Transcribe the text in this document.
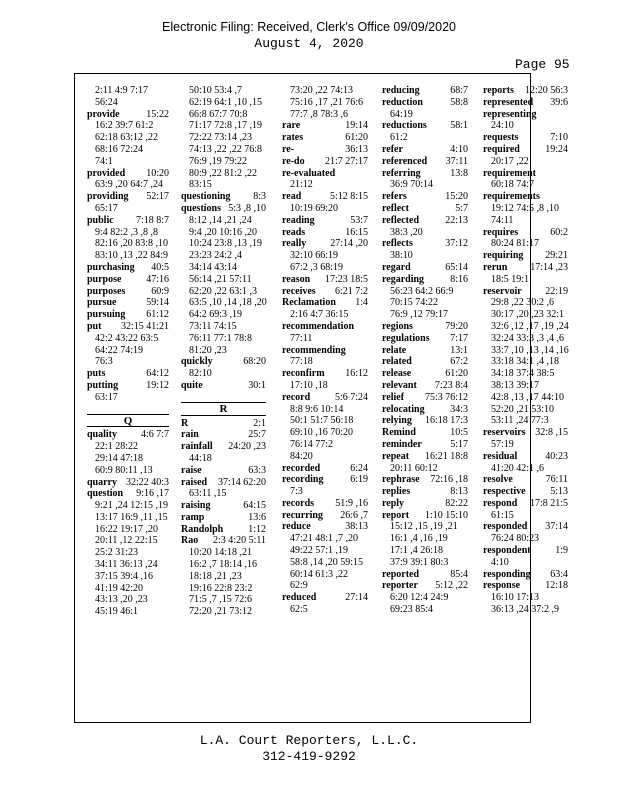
Electronic Filing: Received, Clerk's Office 09/09/2020
August 4, 2020
Page 95
2:11 4:9 7:17
56:24
provide	15:22
16:2 39:7 61:2
62:18 63:12 ,22
68:16 72:24
74:1
provided 10:20
63:9 ,20 64:7 ,24
providing 52:17
65:17
public 7:18 8:7
9:4 82:2 ,3 ,8 ,8
82:16 ,20 83:8 ,10
83:10 ,13 ,22 84:9
purchasing 40:5
purpose 47:16
purposes	60:9
pursue	59:14
pursuing 61:12
put 32:15 41:21
42:2 43:22 63:5
64:22 74:19
76:3
puts	64:12
putting	19:12
63:17
Q
quality 4:6 7:7
22:1 28:22
29:14 47:18
60:9 80:11 ,13
quarry 32:22 40:3
question 9:16 ,17
9:21 ,24 12:15 ,19
13:17 16:9 ,11 ,15
16:22 19:17 ,20
20:11 ,12 22:15
25:2 31:23
34:11 36:13 ,24
37:15 39:4 ,16
41:19 42:20
43:13 ,20 ,23
45:19 46:1
50:10 53:4 ,7
62:19 64:1 ,10 ,15
66:8 67:7 70:8
71:17 72:8 ,17 ,19
72:22 73:14 ,23
74:13 ,22 ,22 76:8
76:9 ,19 79:22
80:9 ,22 81:2 ,22
83:15
questioning 8:3
questions 5:3 ,8 ,10
8:12 ,14 ,21 ,24
9:4 ,20 10:16 ,20
10:24 23:8 ,13 ,19
23:23 24:2 ,4
34:14 43:14
56:14 ,21 57:11
62:20 ,22 63:1 ,3
63:5 ,10 ,14 ,18 ,20
64:2 69:3 ,19
73:11 74:15
76:11 77:1 78:8
81:20 ,23
quickly	68:20
82:10
quite	30:1
R
R	2:1
rain	25:7
rainfall 24:20 ,23
44:18
raise	63:3
raised 37:14 62:20
63:11 ,15
raising	64:15
ramp	13:6
Randolph 1:12
Rao 2:3 4:20 5:11
10:20 14:18 ,21
16:2 ,7 18:14 ,16
18:18 ,21 ,23
19:16 22:8 23:2
71:5 ,7 ,15 72:6
72:20 ,21 73:12
73:20 ,22 74:13
75:16 ,17 ,21 76:6
77:7 ,8 78:3 ,6
rare	19:14
rates	61:20
re-	36:13
re-do 21:7 27:17
re-evaluated
21:12
read	5:12 8:15
10:19 69:20
reading	53:7
reads	16:15
really 27:14 ,20
32:10 66:19
67:2 ,3 68:19
reason 17:23 18:5
receives 6:21 7:2
Reclamation 1:4
2:16 4:7 36:15
recommendation
77:11
recommending
77:18
reconfirm 16:12
17:10 ,18
record 5:6 7:24
8:8 9:6 10:14
50:1 51:7 56:18
69:10 ,16 70:20
76:14 77:2
84:20
recorded	6:24
recording	6:19
7:3
records 51:9 ,16
recurring 26:6 ,7
reduce	38:13
47:21 48:1 ,7 ,20
49:22 57:1 ,19
58:8 ,14 ,20 59:15
60:14 61:3 ,22
62:9
reduced	27:14
62:5
reducing	68:7
reduction	58:8
64:19
reductions 58:1
61:2
refer	4:10
referenced 37:11
referring	13:8
36:9 70:14
refers	15:20
reflect	5:7
reflected	22:13
38:3 ,20
reflects	37:12
38:10
regard	65:14
regarding	8:16
56:23 64:2 66:9
70:15 74:22
76:9 ,12 79:17
regions	79:20
regulations 7:17
relate	13:1
related	67:2
release	61:20
relevant 7:23 8:4
relief 75:3 76:12
relocating	34:3
relying 16:18 17:3
Remind	10:5
reminder	5:17
repeat 16:21 18:8
20:11 60:12
rephrase 72:16 ,18
replies	8:13
reply	82:22
report 1:10 15:10
15:12 ,15 ,19 ,21
16:1 ,4 ,16 ,19
17:1 ,4 26:18
37:9 39:1 80:3
reported	85:4
reporter 5:12 ,22
6:20 12:4 24:9
69:23 85:4
reports 12:20 56:3
represented 39:6
representing
24:10
requests	7:10
required	19:24
20:17 ,22
requirement
60:18 74:7
requirements
19:12 74:5 ,8 ,10
74:11
requires	60:2
80:24 81:17
requiring 29:21
rerun 17:14 ,23
18:5 19:1
reservoir 22:19
29:8 ,22 30:2 ,6
30:17 ,20 ,23 32:1
32:6 ,12 ,17 ,19 ,24
32:24 33:3 ,3 ,4 ,6
33:7 ,10 ,13 ,14 ,16
33:18 34:1 ,4 ,18
34:18 37:4 38:5
38:13 39:17
42:8 ,13 ,17 44:10
52:20 ,21 53:10
53:11 ,24 77:3
reservoirs 32:8 ,15
57:19
residual	40:23
41:20 42:1 ,6
resolve	76:11
respective 5:13
respond 17:8 21:5
61:15
responded 37:14
76:24 80:23
respondent 1:9
4:10
responding 63:4
response	12:18
16:10 17:13
36:13 ,24 37:2 ,9
L.A. Court Reporters, L.L.C.
312-419-9292
